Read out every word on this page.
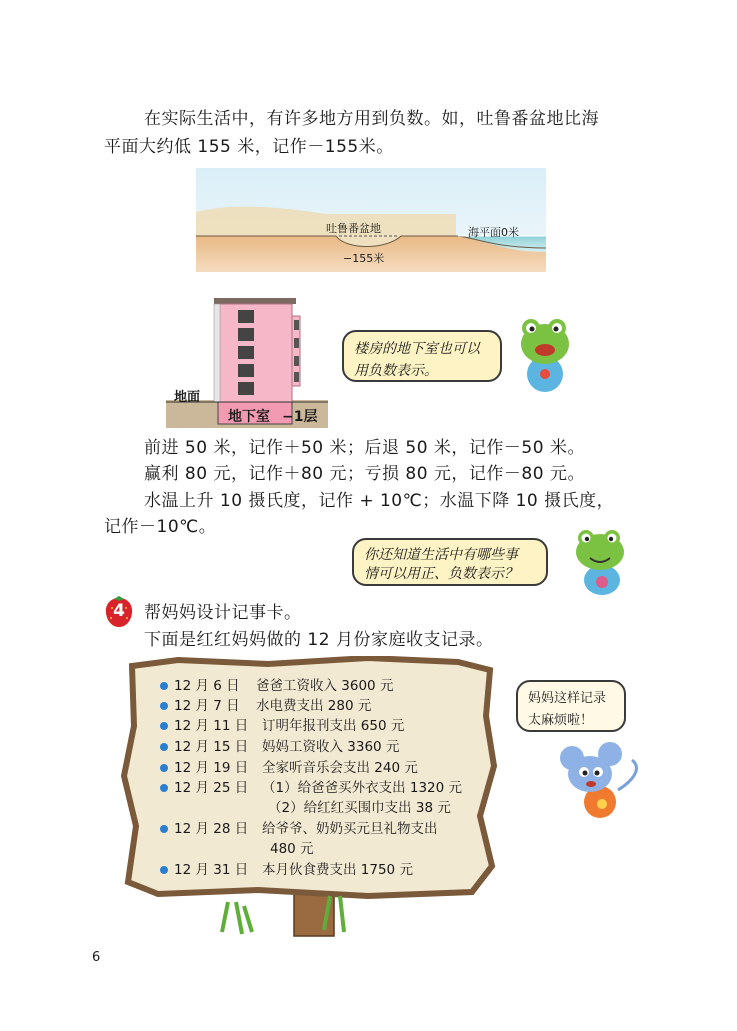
在实际生活中，有许多地方用到负数。如，吐鲁番盆地比海
平面大约低 155 米，记作－155米。
吐鲁番盆地	海平面0米
−155米
地面
地下室 −1层
楼房的地下室也可以
用负数表示。
前进 50 米，记作＋50 米；后退 50 米，记作－50 米。
赢利 80 元，记作＋80 元；亏损 80 元，记作－80 元。
水温上升 10 摄氏度，记作 + 10℃；水温下降 10 摄氏度，
记作－10℃。
你还知道生活中有哪些事
情可以用正、负数表示？
4	帮妈妈设计记事卡。
下面是红红妈妈做的 12 月份家庭收支记录。
12 月 6 日 爸爸工资收入 3600 元
12 月 7 日 水电费支出 280 元
12 月 11 日 订明年报刊支出 650 元
12 月 15 日 妈妈工资收入 3360 元
12 月 19 日 全家听音乐会支出 240 元
12 月 25 日 （1）给爸爸买外衣支出 1320 元
（2）给红红买围巾支出 38 元
12 月 28 日 给爷爷、奶奶买元旦礼物支出
480 元
12 月 31 日 本月伙食费支出 1750 元
妈妈这样记录
太麻烦啦！
6
